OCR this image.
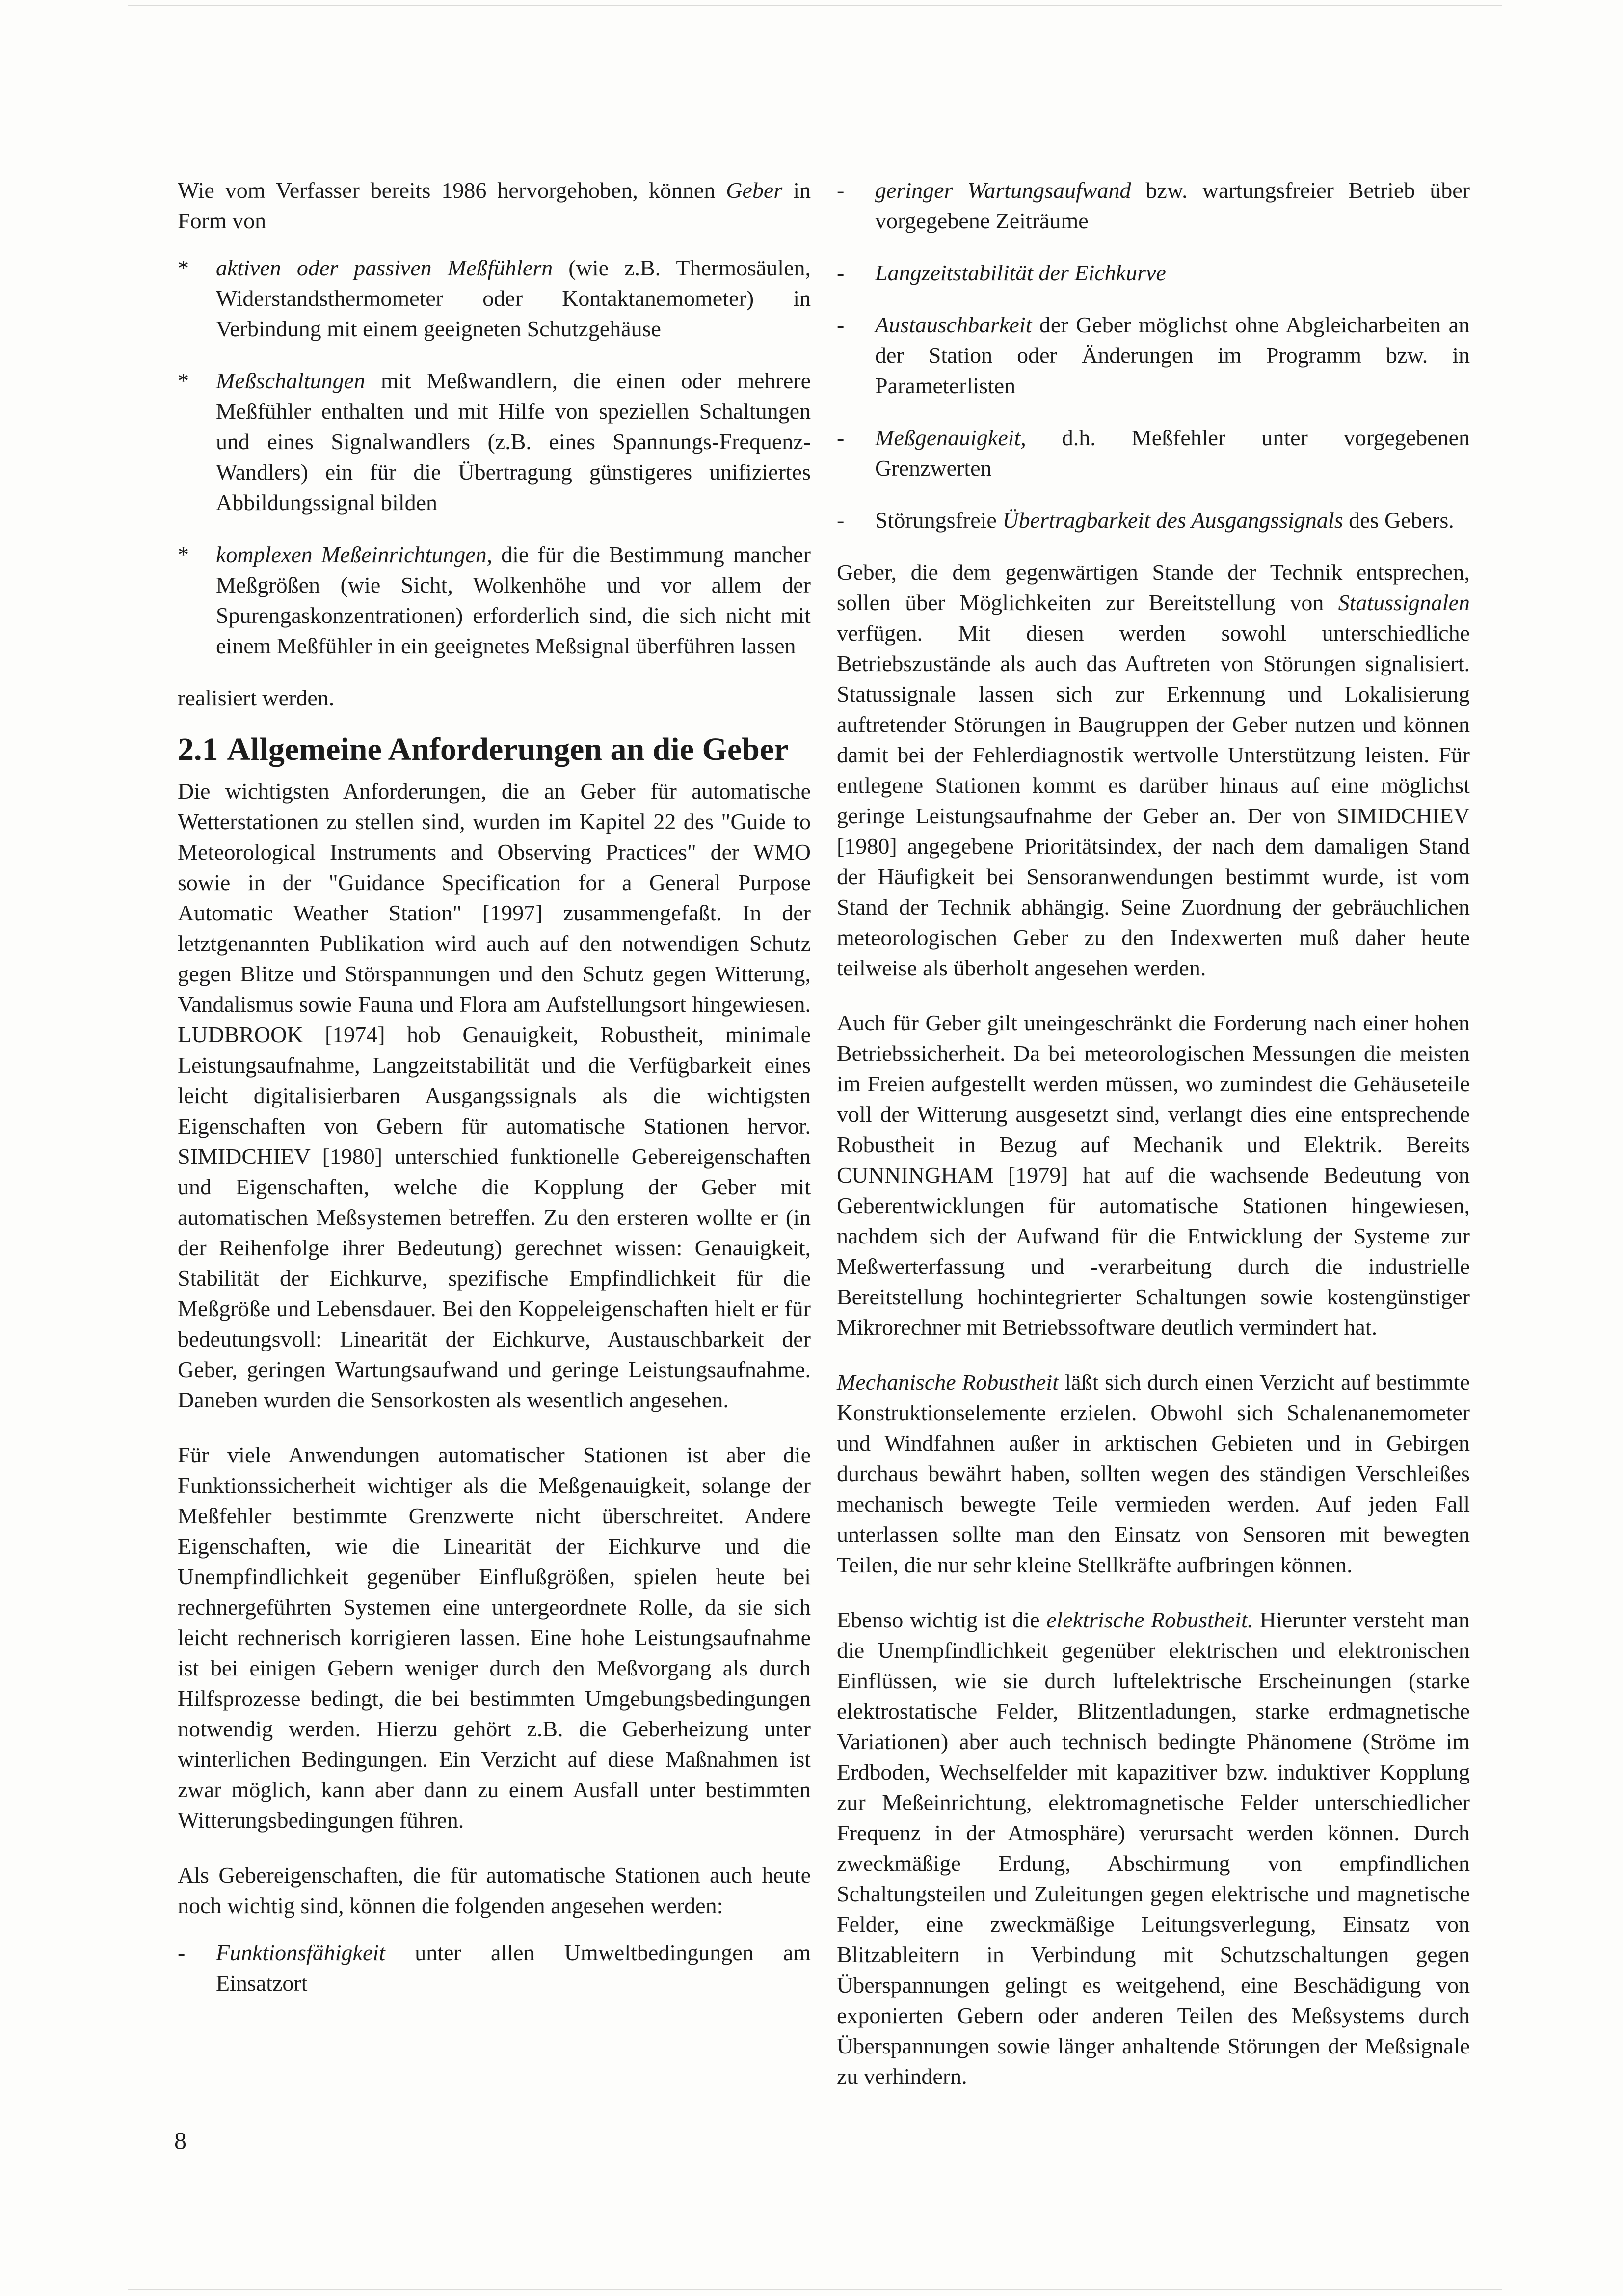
Wie vom Verfasser bereits 1986 hervorgehoben, können Geber in Form von

*	aktiven oder passiven Meßfühlern (wie z.B. Thermosäulen, Widerstandsthermometer oder Kontaktanemometer) in Verbindung mit einem geeigneten Schutzgehäuse
*	Meßschaltungen mit Meßwandlern, die einen oder mehrere Meßfühler enthalten und mit Hilfe von speziellen Schaltungen und eines Signalwandlers (z.B. eines Spannungs-Frequenz-Wandlers) ein für die Übertragung günstigeres unifiziertes Abbildungssignal bilden
*	komplexen Meßeinrichtungen, die für die Bestimmung mancher Meßgrößen (wie Sicht, Wolkenhöhe und vor allem der Spurengaskonzentrationen) erforderlich sind, die sich nicht mit einem Meßfühler in ein geeignetes Meßsignal überführen lassen

realisiert werden.

2.1 Allgemeine Anforderungen an die Geber

Die wichtigsten Anforderungen, die an Geber für automatische Wetterstationen zu stellen sind, wurden im Kapitel 22 des "Guide to Meteorological Instruments and Observing Practices" der WMO sowie in der "Guidance Specification for a General Purpose Automatic Weather Station" [1997] zusammengefaßt. In der letztgenannten Publikation wird auch auf den notwendigen Schutz gegen Blitze und Störspannungen und den Schutz gegen Witterung, Vandalismus sowie Fauna und Flora am Aufstellungsort hingewiesen. LUDBROOK [1974] hob Genauigkeit, Robustheit, minimale Leistungsaufnahme, Langzeitstabilität und die Verfügbarkeit eines leicht digitalisierbaren Ausgangssignals als die wichtigsten Eigenschaften von Gebern für automatische Stationen hervor. SIMIDCHIEV [1980] unterschied funktionelle Gebereigenschaften und Eigenschaften, welche die Kopplung der Geber mit automatischen Meßsystemen betreffen. Zu den ersteren wollte er (in der Reihenfolge ihrer Bedeutung) gerechnet wissen: Genauigkeit, Stabilität der Eichkurve, spezifische Empfindlichkeit für die Meßgröße und Lebensdauer. Bei den Koppeleigenschaften hielt er für bedeutungsvoll: Linearität der Eichkurve, Austauschbarkeit der Geber, geringen Wartungsaufwand und geringe Leistungsaufnahme. Daneben wurden die Sensorkosten als wesentlich angesehen.

Für viele Anwendungen automatischer Stationen ist aber die Funktionssicherheit wichtiger als die Meßgenauigkeit, solange der Meßfehler bestimmte Grenzwerte nicht überschreitet. Andere Eigenschaften, wie die Linearität der Eichkurve und die Unempfindlichkeit gegenüber Einflußgrößen, spielen heute bei rechnergeführten Systemen eine untergeordnete Rolle, da sie sich leicht rechnerisch korrigieren lassen. Eine hohe Leistungsaufnahme ist bei einigen Gebern weniger durch den Meßvorgang als durch Hilfsprozesse bedingt, die bei bestimmten Umgebungsbedingungen notwendig werden. Hierzu gehört z.B. die Geberheizung unter winterlichen Bedingungen. Ein Verzicht auf diese Maßnahmen ist zwar möglich, kann aber dann zu einem Ausfall unter bestimmten Witterungsbedingungen führen.

Als Gebereigenschaften, die für automatische Stationen auch heute noch wichtig sind, können die folgenden angesehen werden:

-	Funktionsfähigkeit unter allen Umweltbedingungen am Einsatzort
-	geringer Wartungsaufwand bzw. wartungsfreier Betrieb über vorgegebene Zeiträume
-	Langzeitstabilität der Eichkurve
-	Austauschbarkeit der Geber möglichst ohne Abgleicharbeiten an der Station oder Änderungen im Programm bzw. in Parameterlisten
-	Meßgenauigkeit, d.h. Meßfehler unter vorgegebenen Grenzwerten
-	Störungsfreie Übertragbarkeit des Ausgangssignals des Gebers.

Geber, die dem gegenwärtigen Stande der Technik entsprechen, sollen über Möglichkeiten zur Bereitstellung von Statussignalen verfügen. Mit diesen werden sowohl unterschiedliche Betriebszustände als auch das Auftreten von Störungen signalisiert. Statussignale lassen sich zur Erkennung und Lokalisierung auftretender Störungen in Baugruppen der Geber nutzen und können damit bei der Fehlerdiagnostik wertvolle Unterstützung leisten. Für entlegene Stationen kommt es darüber hinaus auf eine möglichst geringe Leistungsaufnahme der Geber an. Der von SIMIDCHIEV [1980] angegebene Prioritätsindex, der nach dem damaligen Stand der Häufigkeit bei Sensoranwendungen bestimmt wurde, ist vom Stand der Technik abhängig. Seine Zuordnung der gebräuchlichen meteorologischen Geber zu den Indexwerten muß daher heute teilweise als überholt angesehen werden.

Auch für Geber gilt uneingeschränkt die Forderung nach einer hohen Betriebssicherheit. Da bei meteorologischen Messungen die meisten im Freien aufgestellt werden müssen, wo zumindest die Gehäuseteile voll der Witterung ausgesetzt sind, verlangt dies eine entsprechende Robustheit in Bezug auf Mechanik und Elektrik. Bereits CUNNINGHAM [1979] hat auf die wachsende Bedeutung von Geberentwicklungen für automatische Stationen hingewiesen, nachdem sich der Aufwand für die Entwicklung der Systeme zur Meßwerterfassung und -verarbeitung durch die industrielle Bereitstellung hochintegrierter Schaltungen sowie kostengünstiger Mikrorechner mit Betriebssoftware deutlich vermindert hat.

Mechanische Robustheit läßt sich durch einen Verzicht auf bestimmte Konstruktionselemente erzielen. Obwohl sich Schalenanemometer und Windfahnen außer in arktischen Gebieten und in Gebirgen durchaus bewährt haben, sollten wegen des ständigen Verschleißes mechanisch bewegte Teile vermieden werden. Auf jeden Fall unterlassen sollte man den Einsatz von Sensoren mit bewegten Teilen, die nur sehr kleine Stellkräfte aufbringen können.

Ebenso wichtig ist die elektrische Robustheit. Hierunter versteht man die Unempfindlichkeit gegenüber elektrischen und elektronischen Einflüssen, wie sie durch luftelektrische Erscheinungen (starke elektrostatische Felder, Blitzentladungen, starke erdmagnetische Variationen) aber auch technisch bedingte Phänomene (Ströme im Erdboden, Wechselfelder mit kapazitiver bzw. induktiver Kopplung zur Meßeinrichtung, elektromagnetische Felder unterschiedlicher Frequenz in der Atmosphäre) verursacht werden können. Durch zweckmäßige Erdung, Abschirmung von empfindlichen Schaltungsteilen und Zuleitungen gegen elektrische und magnetische Felder, eine zweckmäßige Leitungsverlegung, Einsatz von Blitzableitern in Verbindung mit Schutzschaltungen gegen Überspannungen gelingt es weitgehend, eine Beschädigung von exponierten Gebern oder anderen Teilen des Meßsystems durch Überspannungen sowie länger anhaltende Störungen der Meßsignale zu verhindern.

8
